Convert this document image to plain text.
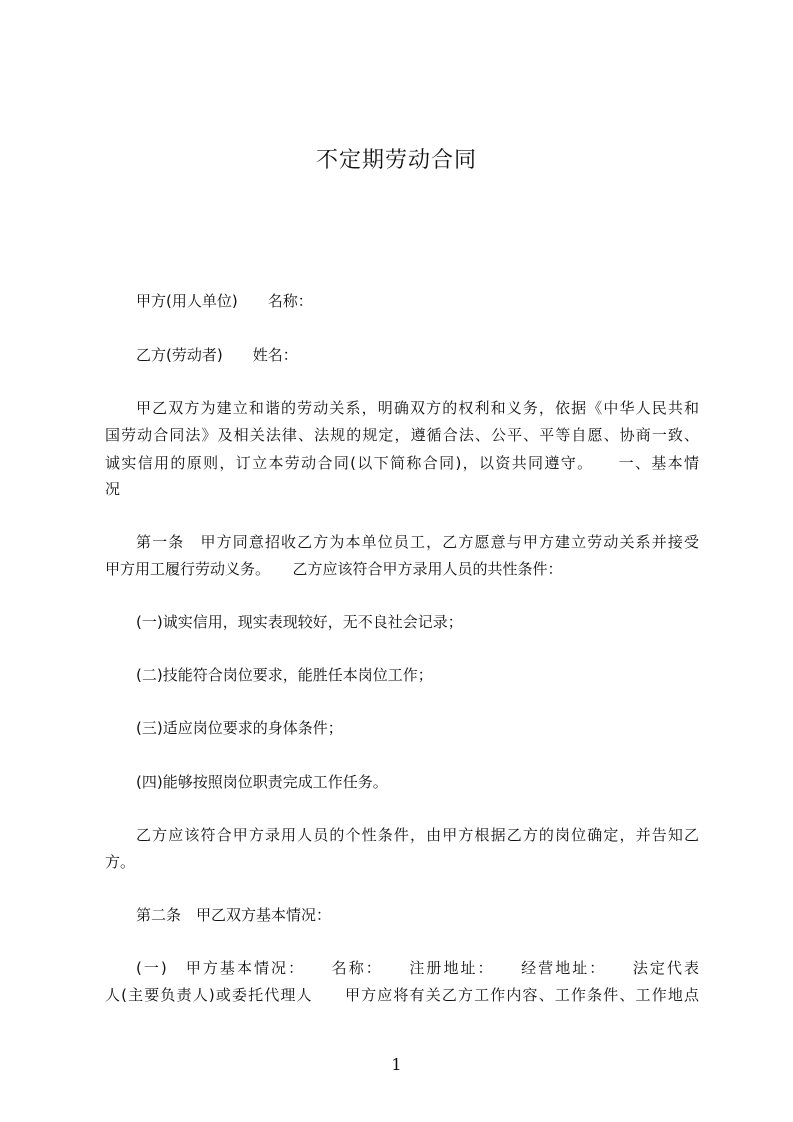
不定期劳动合同
甲方(用人单位)　　名称：
乙方(劳动者)　　姓名：
甲乙双方为建立和谐的劳动关系，明确双方的权利和义务，依据《中华人民共和
国劳动合同法》及相关法律、法规的规定，遵循合法、公平、平等自愿、协商一致、
诚实信用的原则，订立本劳动合同(以下简称合同)，以资共同遵守。　　一、基本情
况
第一条　甲方同意招收乙方为本单位员工，乙方愿意与甲方建立劳动关系并接受
甲方用工履行劳动义务。　　乙方应该符合甲方录用人员的共性条件：
(一)诚实信用，现实表现较好，无不良社会记录；
(二)技能符合岗位要求，能胜任本岗位工作；
(三)适应岗位要求的身体条件；
(四)能够按照岗位职责完成工作任务。
乙方应该符合甲方录用人员的个性条件，由甲方根据乙方的岗位确定，并告知乙
方。
第二条　甲乙双方基本情况：
(一)　甲方基本情况：　　名称：　　注册地址：　　经营地址：　　法定代表
人(主要负责人)或委托代理人　　甲方应将有关乙方工作内容、工作条件、工作地点
1
